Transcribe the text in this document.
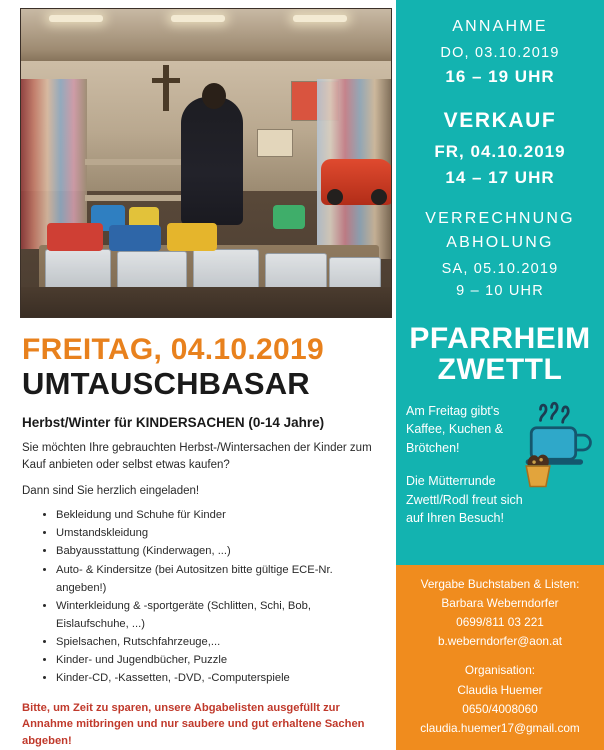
FREITAG, 04.10.2019
UMTAUSCHBASAR
Herbst/Winter für KINDERSACHEN (0-14 Jahre)
Sie möchten Ihre gebrauchten Herbst-/Wintersachen der Kinder zum Kauf anbieten oder selbst etwas kaufen?
Dann sind Sie herzlich eingeladen!
• Bekleidung und Schuhe für Kinder
• Umstandskleidung
• Babyausstattung (Kinderwagen, ...)
• Auto- & Kindersitze (bei Autositzen bitte gültige ECE-Nr. angeben!)
• Winterkleidung & -sportgeräte (Schlitten, Schi, Bob, Eislaufschuhe, ...)
• Spielsachen, Rutschfahrzeuge,...
• Kinder- und Jugendbücher, Puzzle
• Kinder-CD, -Kassetten, -DVD, -Computerspiele
Bitte, um Zeit zu sparen, unsere Abgabelisten ausgefüllt zur Annahme mitbringen und nur saubere und gut erhaltene Sachen abgeben!
ANNAHME
DO, 03.10.2019
16 – 19 UHR
VERKAUF
FR, 04.10.2019
14 – 17 UHR
VERRECHNUNG
ABHOLUNG
SA, 05.10.2019
9 – 10 UHR
PFARRHEIM
ZWETTL
Am Freitag gibt's Kaffee, Kuchen & Brötchen!
Die Mütterrunde Zwettl/Rodl freut sich auf Ihren Besuch!
Vergabe Buchstaben & Listen:
Barbara Weberndorfer
0699/811 03 221
b.weberndorfer@aon.at
Organisation:
Claudia Huemer
0650/4008060
claudia.huemer17@gmail.com
